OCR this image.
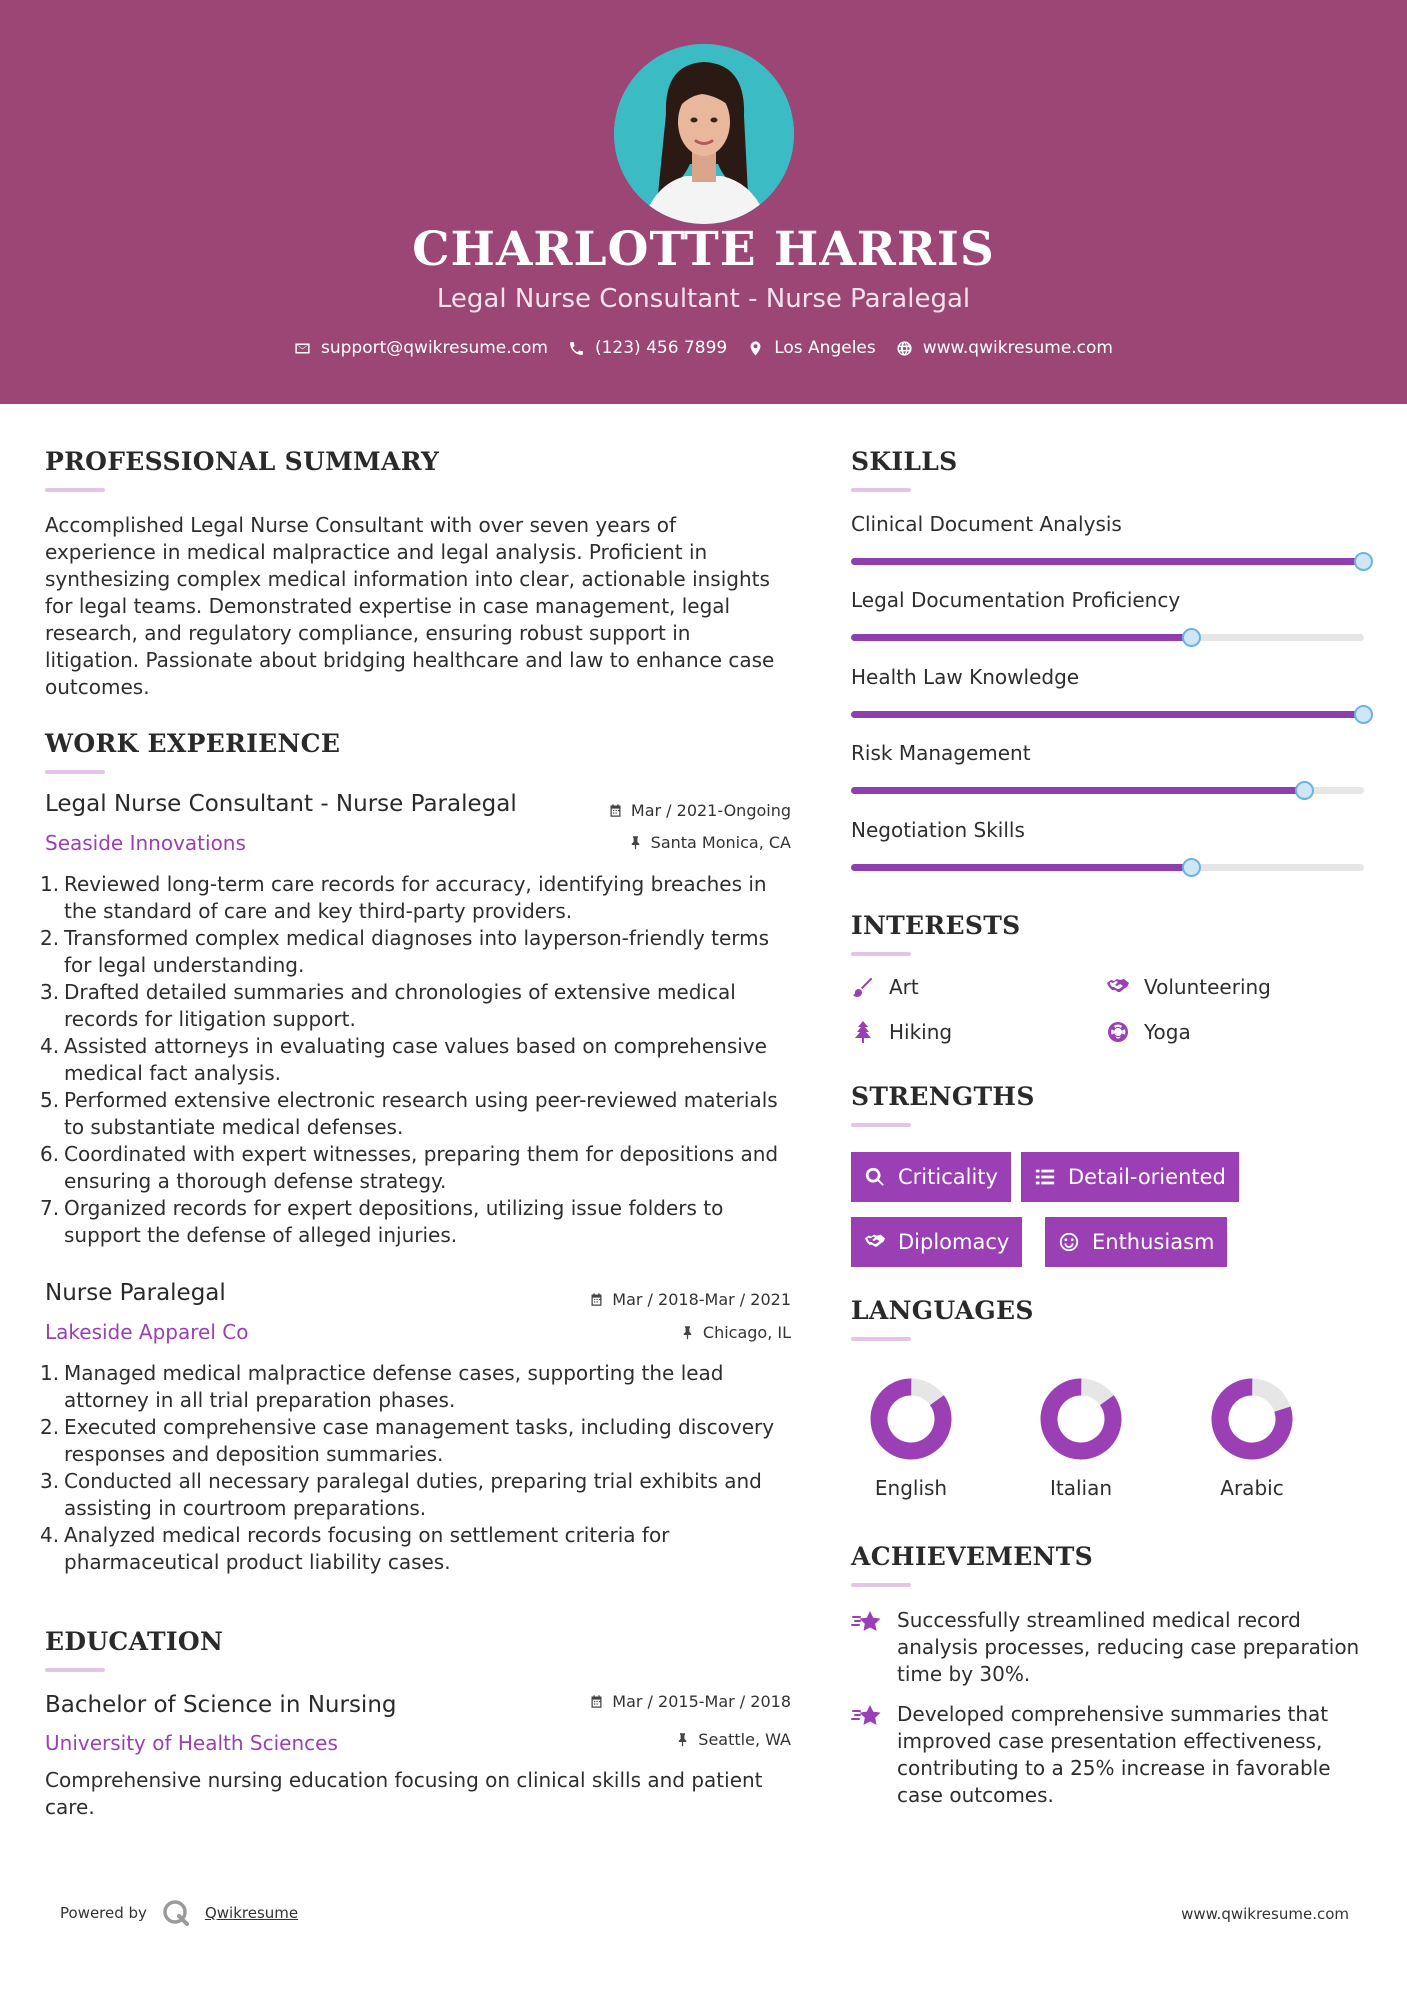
CHARLOTTE HARRIS
Legal Nurse Consultant - Nurse Paralegal
support@qwikresume.com	(123) 456 7899	Los Angeles	www.qwikresume.com
PROFESSIONAL SUMMARY
Accomplished Legal Nurse Consultant with over seven years of experience in medical malpractice and legal analysis. Proficient in synthesizing complex medical information into clear, actionable insights for legal teams. Demonstrated expertise in case management, legal research, and regulatory compliance, ensuring robust support in litigation. Passionate about bridging healthcare and law to enhance case outcomes.
WORK EXPERIENCE
Legal Nurse Consultant - Nurse Paralegal	Mar / 2021-Ongoing
Seaside Innovations	Santa Monica, CA
1. Reviewed long-term care records for accuracy, identifying breaches in the standard of care and key third-party providers.
2. Transformed complex medical diagnoses into layperson-friendly terms for legal understanding.
3. Drafted detailed summaries and chronologies of extensive medical records for litigation support.
4. Assisted attorneys in evaluating case values based on comprehensive medical fact analysis.
5. Performed extensive electronic research using peer-reviewed materials to substantiate medical defenses.
6. Coordinated with expert witnesses, preparing them for depositions and ensuring a thorough defense strategy.
7. Organized records for expert depositions, utilizing issue folders to support the defense of alleged injuries.
Nurse Paralegal	Mar / 2018-Mar / 2021
Lakeside Apparel Co	Chicago, IL
1. Managed medical malpractice defense cases, supporting the lead attorney in all trial preparation phases.
2. Executed comprehensive case management tasks, including discovery responses and deposition summaries.
3. Conducted all necessary paralegal duties, preparing trial exhibits and assisting in courtroom preparations.
4. Analyzed medical records focusing on settlement criteria for pharmaceutical product liability cases.
EDUCATION
Bachelor of Science in Nursing	Mar / 2015-Mar / 2018
University of Health Sciences	Seattle, WA
Comprehensive nursing education focusing on clinical skills and patient care.
SKILLS
Clinical Document Analysis
Legal Documentation Proficiency
Health Law Knowledge
Risk Management
Negotiation Skills
INTERESTS
Art	Volunteering
Hiking	Yoga
STRENGTHS
Criticality	Detail-oriented
Diplomacy	Enthusiasm
LANGUAGES
English	Italian	Arabic
ACHIEVEMENTS
Successfully streamlined medical record analysis processes, reducing case preparation time by 30%.
Developed comprehensive summaries that improved case presentation effectiveness, contributing to a 25% increase in favorable case outcomes.
Powered by	Qwikresume	www.qwikresume.com
